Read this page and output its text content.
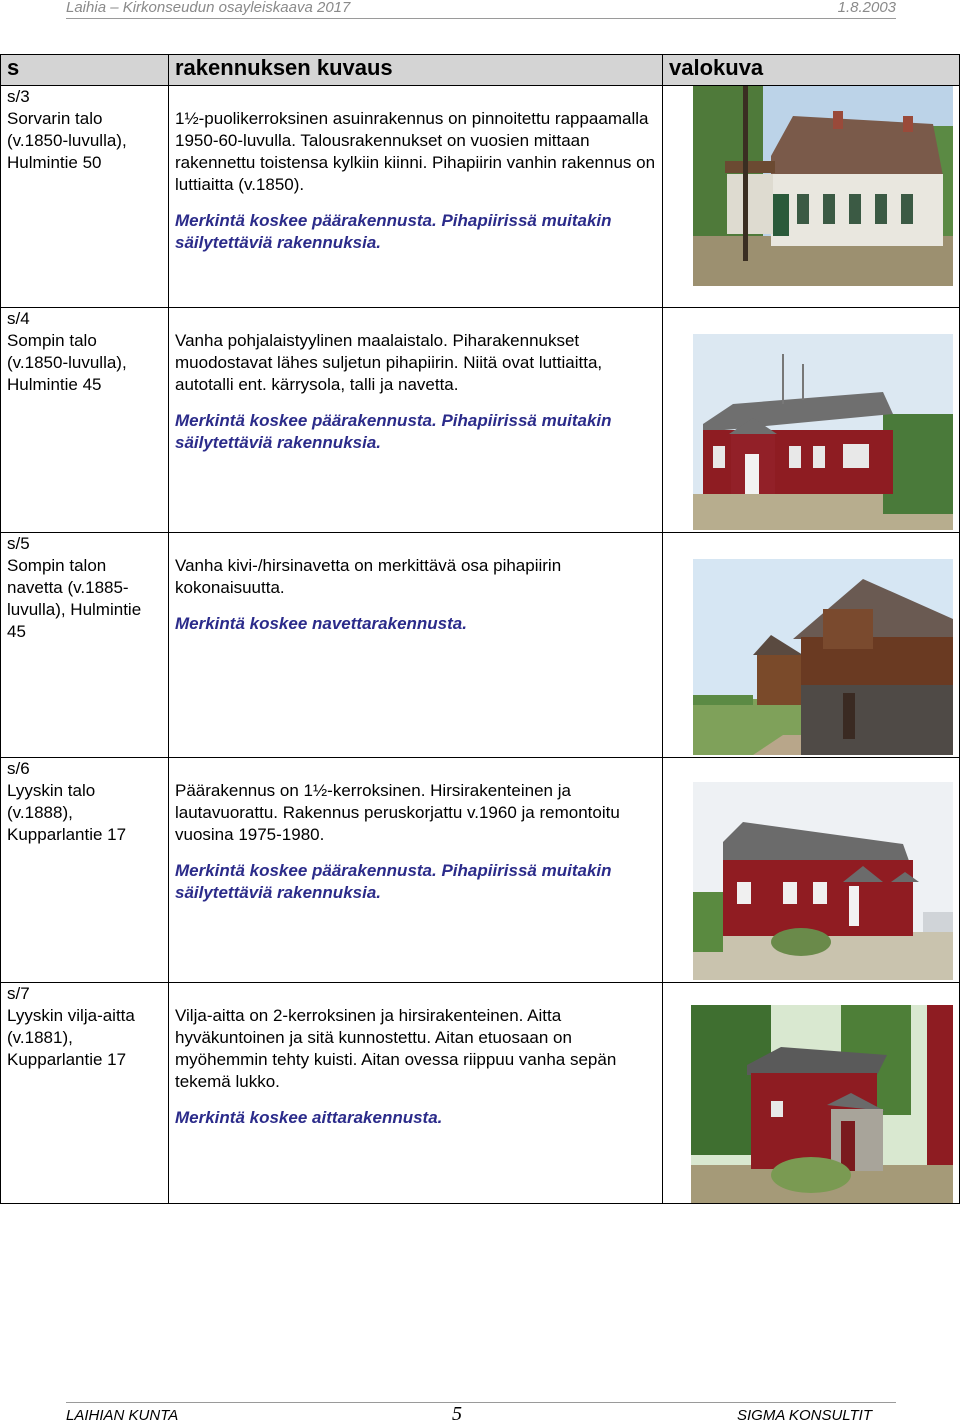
Laihia – Kirkonseudun osayleiskaava 2017	1.8.2003
s	rakennuksen kuvaus	valokuva

s/3
Sorvarin talo (v.1850-luvulla), Hulmintie 50	1½-puolikerroksinen asuinrakennus on pinnoitettu rappaamalla 1950-60-luvulla. Talousrakennukset on vuosien mittaan rakennettu toistensa kylkiin kiinni. Pihapiirin vanhin rakennus on luttiaitta (v.1850).
Merkintä koskee päärakennusta. Pihapiirissä muitakin säilytettäviä rakennuksia.

s/4
Sompin talo (v.1850-luvulla), Hulmintie 45	Vanha pohjalaistyylinen maalaistalo. Piharakennukset muodostavat lähes suljetun pihapiirin. Niitä ovat luttiaitta, autotalli ent. kärrysola, talli ja navetta.
Merkintä koskee päärakennusta. Pihapiirissä muitakin säilytettäviä rakennuksia.

s/5
Sompin talon navetta (v.1885-luvulla), Hulmintie 45	Vanha kivi-/hirsinavetta on merkittävä osa pihapiirin kokonaisuutta.
Merkintä koskee navettarakennusta.

s/6
Lyyskin talo (v.1888), Kupparlantie 17	Päärakennus on 1½-kerroksinen. Hirsirakenteinen ja lautavuorattu. Rakennus peruskorjattu v.1960 ja remontoitu vuosina 1975-1980.
Merkintä koskee päärakennusta. Pihapiirissä muitakin säilytettäviä rakennuksia.

s/7
Lyyskin vilja-aitta (v.1881), Kupparlantie 17	Vilja-aitta on 2-kerroksinen ja hirsirakenteinen. Aitta hyväkuntoinen ja sitä kunnostettu. Aitan etuosaan on myöhemmin tehty kuisti. Aitan ovessa riippuu vanha sepän tekemä lukko.
Merkintä koskee aittarakennusta.

LAIHIAN KUNTA	5	SIGMA KONSULTIT
